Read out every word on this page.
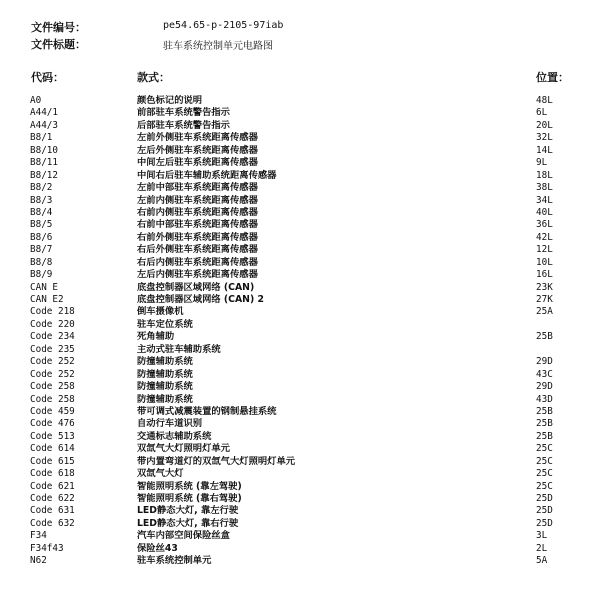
文件编号：	pe54.65-p-2105-97iab
文件标题：	驻车系统控制单元电路图
代码：	款式：	位置：
A0	颜色标记的说明	48L
A44/1	前部驻车系统警告指示	6L
A44/3	后部驻车系统警告指示	20L
B8/1	左前外侧驻车系统距离传感器	32L
B8/10	左后外侧驻车系统距离传感器	14L
B8/11	中间左后驻车系统距离传感器	9L
B8/12	中间右后驻车辅助系统距离传感器	18L
B8/2	左前中部驻车系统距离传感器	38L
B8/3	左前内侧驻车系统距离传感器	34L
B8/4	右前内侧驻车系统距离传感器	40L
B8/5	右前中部驻车系统距离传感器	36L
B8/6	右前外侧驻车系统距离传感器	42L
B8/7	右后外侧驻车系统距离传感器	12L
B8/8	右后内侧驻车系统距离传感器	10L
B8/9	左后内侧驻车系统距离传感器	16L
CAN E	底盘控制器区域网络 (CAN)	23K
CAN E2	底盘控制器区域网络 (CAN) 2	27K
Code 218	倒车摄像机	25A
Code 220	驻车定位系统
Code 234	死角辅助	25B
Code 235	主动式驻车辅助系统
Code 252	防撞辅助系统	29D
Code 252	防撞辅助系统	43C
Code 258	防撞辅助系统	29D
Code 258	防撞辅助系统	43D
Code 459	带可调式减震装置的钢制悬挂系统	25B
Code 476	自动行车道识别	25B
Code 513	交通标志辅助系统	25B
Code 614	双氙气大灯照明灯单元	25C
Code 615	带内置弯道灯的双氙气大灯照明灯单元	25C
Code 618	双氙气大灯	25C
Code 621	智能照明系统 (靠左驾驶)	25C
Code 622	智能照明系统 (靠右驾驶)	25D
Code 631	LED静态大灯, 靠左行驶	25D
Code 632	LED静态大灯, 靠右行驶	25D
F34	汽车内部空间保险丝盒	3L
F34f43	保险丝43	2L
N62	驻车系统控制单元	5A
